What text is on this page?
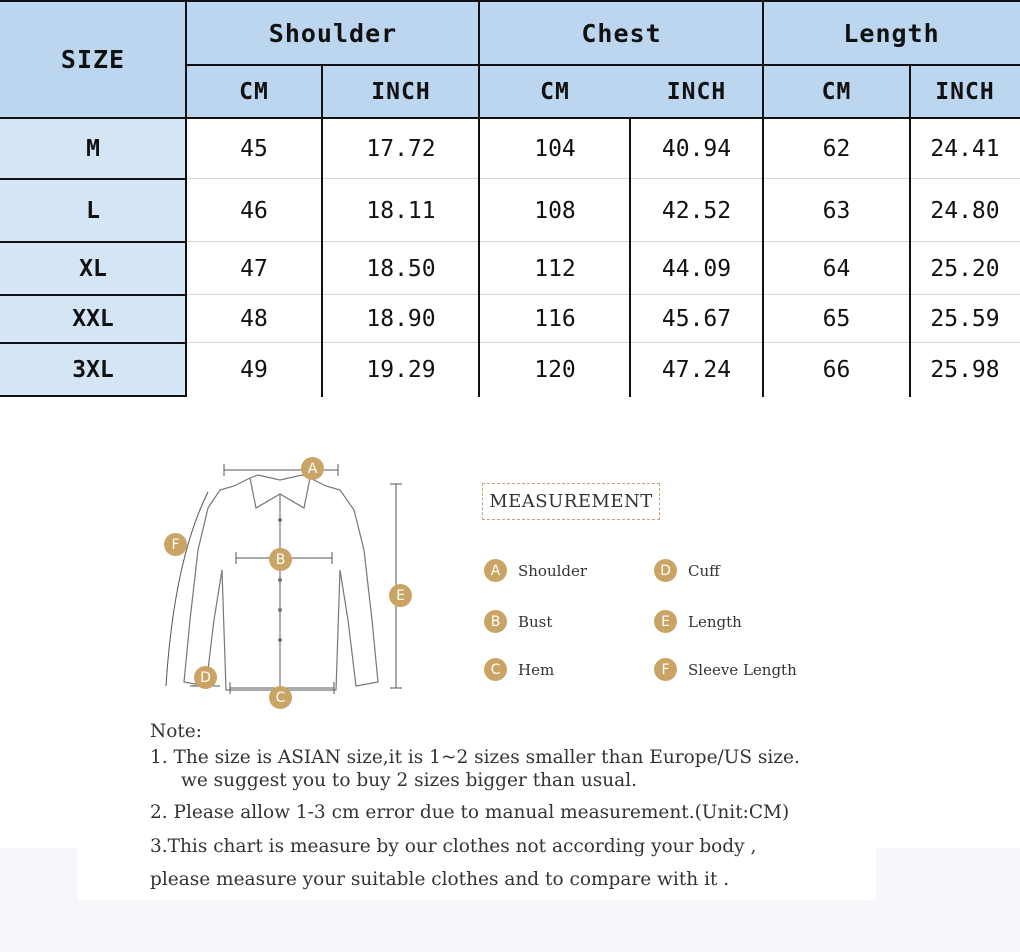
SIZE
Shoulder	Chest	Length
CM	INCH	CM	INCH	CM	INCH
M	45	17.72	104	40.94	62	24.41
L	46	18.11	108	42.52	63	24.80
XL	47	18.50	112	44.09	64	25.20
XXL	48	18.90	116	45.67	65	25.59
3XL	49	19.29	120	47.24	66	25.98
A
B
C
D
E
F
MEASUREMENT
A	Shoulder	D	Cuff
B	Bust	E	Length
C	Hem	F	Sleeve Length
Note:
1. The size is ASIAN size,it is 1~2 sizes smaller than Europe/US size.
we suggest you to buy 2 sizes bigger than usual.
2. Please allow 1-3 cm error due to manual measurement.(Unit:CM)
3.This chart is measure by our clothes not according your body ,
please measure your suitable clothes and to compare with it .
